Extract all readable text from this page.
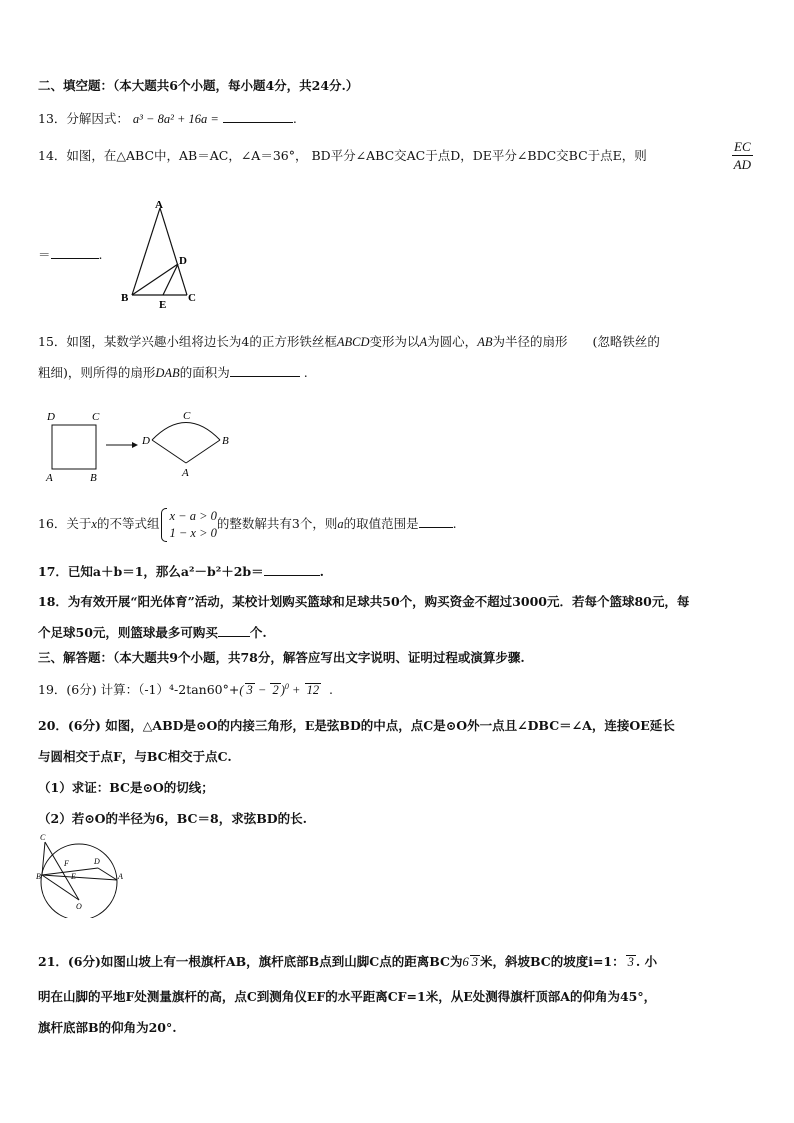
二、填空题：（本大题共6个小题，每小题4分，共24分.）
13．分解因式： a³ − 8a² + 16a =	.
14．如图，在△ABC中，AB＝AC，∠A＝36°， BD平分∠ABC交AC于点D，DE平分∠BDC交BC于点E，则	$\frac{EC}{AD}$
＝	.
A
D
B
E
C
15．如图，某数学兴趣小组将边长为4的正方形铁丝框ABCD变形为以A为圆心，AB为半径的扇形　　(忽略铁丝的
粗细)，则所得的扇形DAB的面积为	.
D	C
A	B
C
D	B
A
16．关于x的不等式组
x − a > 0
1 − x > 0
的整数解共有3个，则a的取值范围是	.
17．已知a＋b＝1，那么a²－b²＋2b＝	.
18．为有效开展“阳光体育”活动，某校计划购买篮球和足球共50个，购买资金不超过3000元．若每个篮球80元，每
个足球50元，则篮球最多可购买	个.
三、解答题：（本大题共9个小题，共78分，解答应写出文字说明、证明过程或演算步骤.
19．(6分) 计算：（-1）⁴-2tan60°+( 3 − 2 )$^0$ + 12 .
20．(6分) 如图，△ABD是⊙O的内接三角形，E是弦BD的中点，点C是⊙O外一点且∠DBC＝∠A，连接OE延长
与圆相交于点F，与BC相交于点C.
（1）求证：BC是⊙O的切线；
（2）若⊙O的半径为6，BC＝8，求弦BD的长.
C
F	D
E	A
B
O
21．(6分)如图山坡上有一根旗杆AB，旗杆底部B点到山脚C点的距离BC为6 3 米，斜坡BC的坡度i=1： 3 . 小
明在山脚的平地F处测量旗杆的高，点C到测角仪EF的水平距离CF=1米，从E处测得旗杆顶部A的仰角为45°，
旗杆底部B的仰角为20°.
